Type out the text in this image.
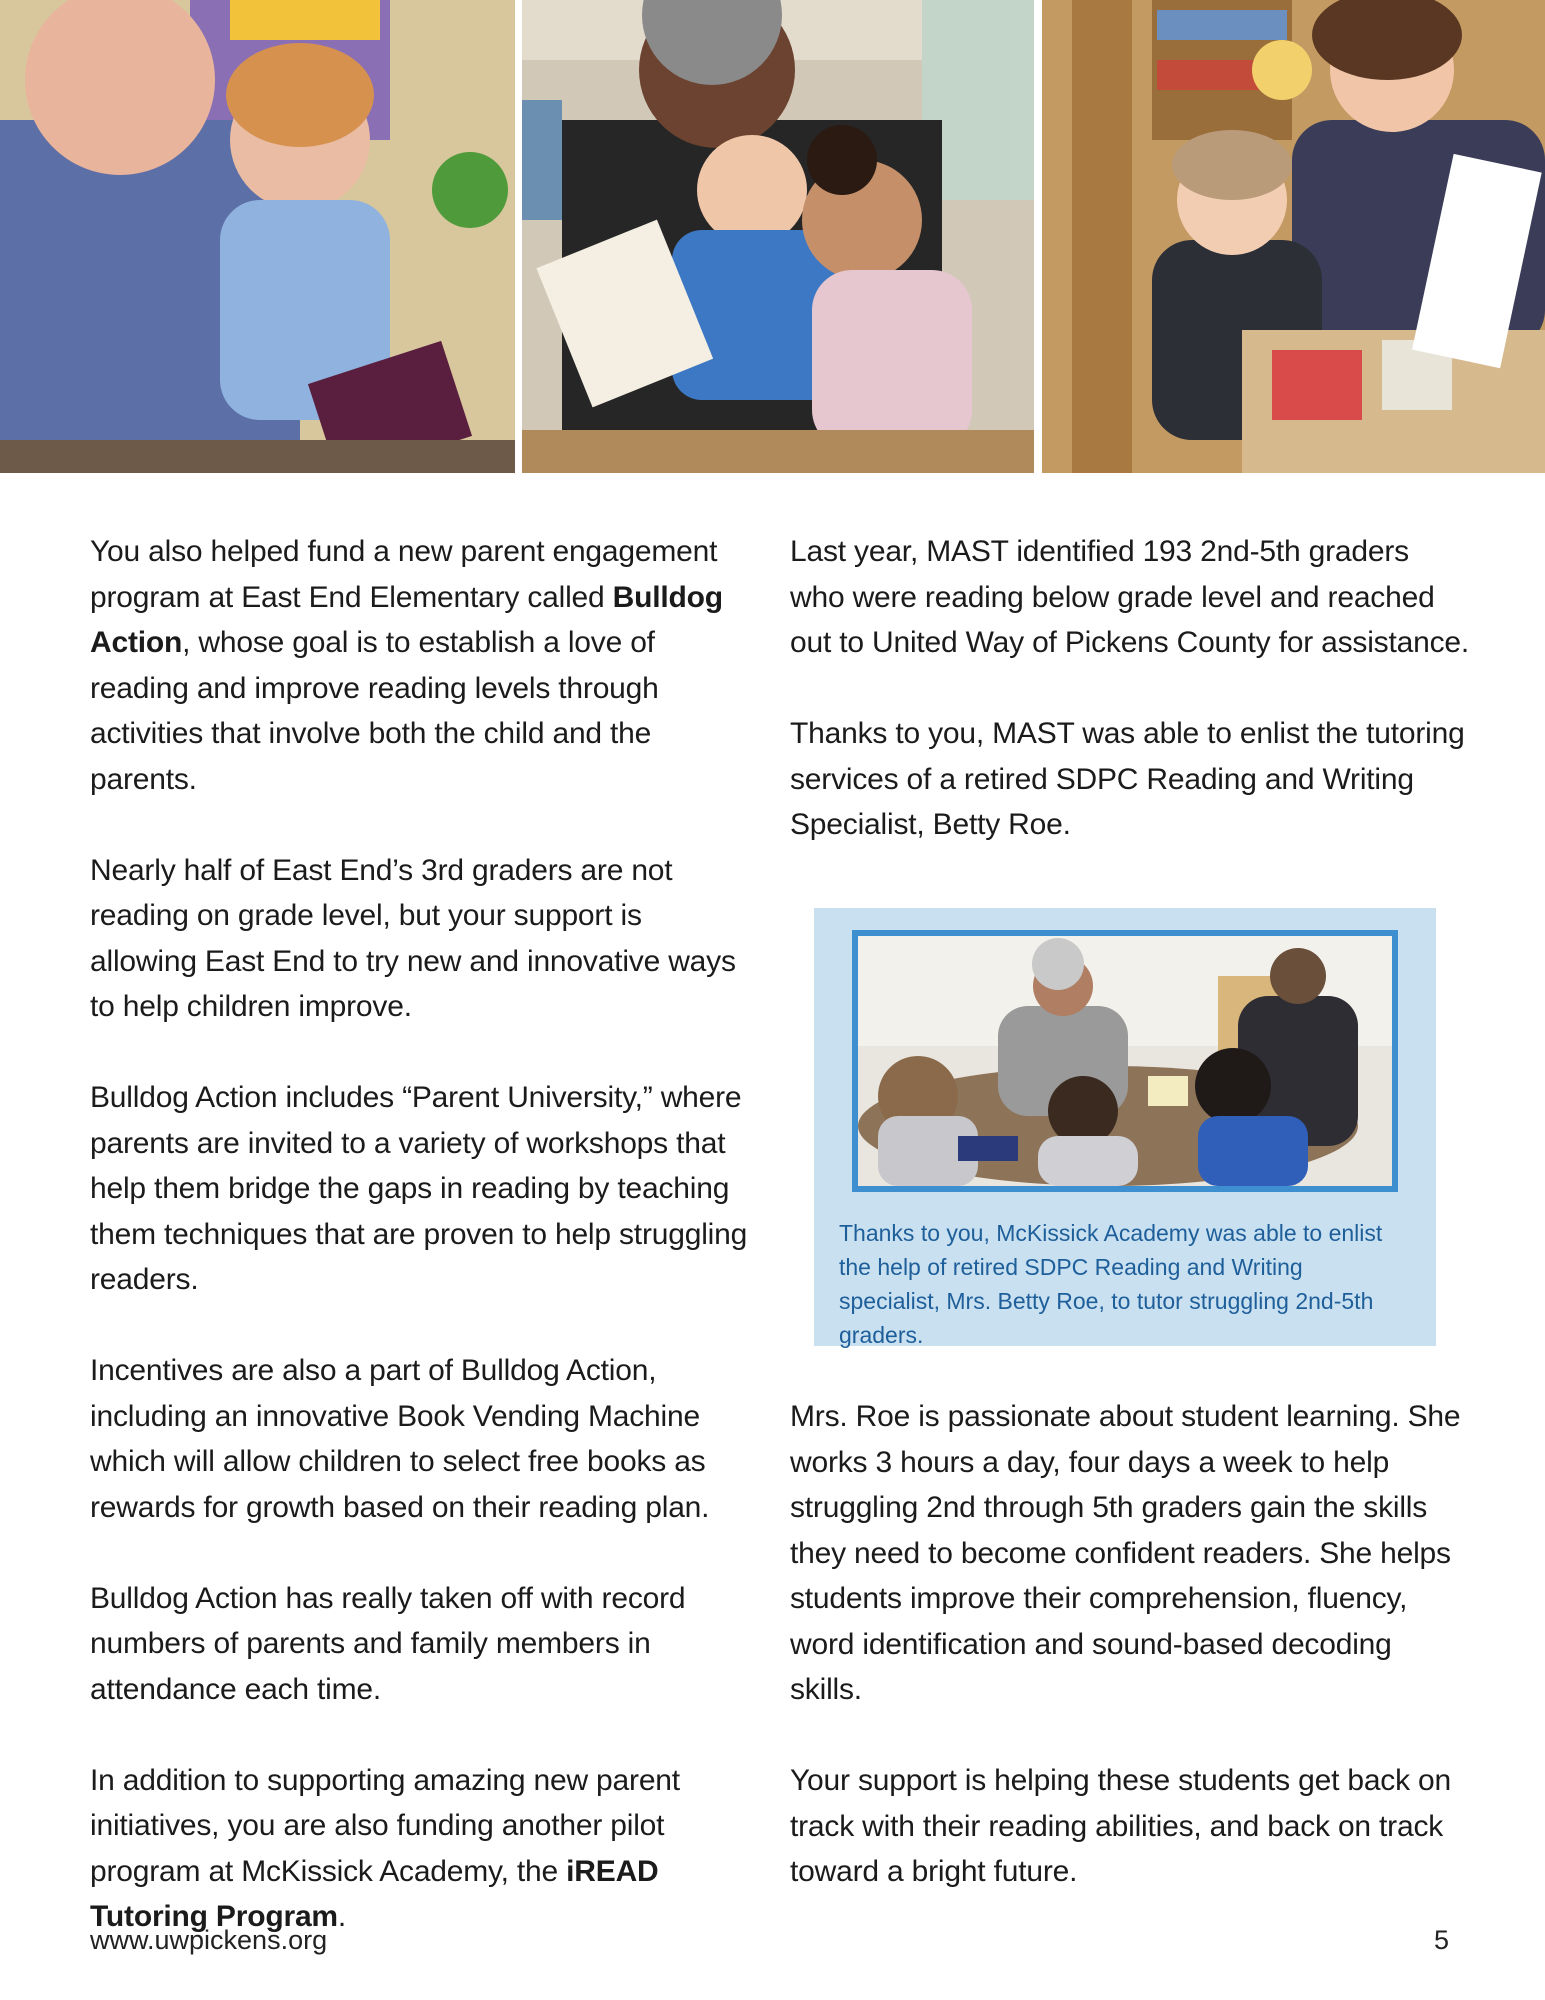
You also helped fund a new parent engagement program at East End Elementary called Bulldog Action, whose goal is to establish a love of reading and improve reading levels through activities that involve both the child and the parents.

Nearly half of East End’s 3rd graders are not reading on grade level, but your support is allowing East End to try new and innovative ways to help children improve.

Bulldog Action includes “Parent University,” where parents are invited to a variety of workshops that help them bridge the gaps in reading by teaching them techniques that are proven to help struggling readers.

Incentives are also a part of Bulldog Action, including an innovative Book Vending Machine which will allow children to select free books as rewards for growth based on their reading plan.

Bulldog Action has really taken off with record numbers of parents and family members in attendance each time.

In addition to supporting amazing new parent initiatives, you are also funding another pilot program at McKissick Academy, the iREAD Tutoring Program.

Last year, MAST identified 193 2nd-5th graders who were reading below grade level and reached out to United Way of Pickens County for assistance.

Thanks to you, MAST was able to enlist the tutoring services of a retired SDPC Reading and Writing Specialist, Betty Roe.

Thanks to you, McKissick Academy was able to enlist the help of retired SDPC Reading and Writing specialist, Mrs. Betty Roe, to tutor struggling 2nd-5th graders.

Mrs. Roe is passionate about student learning. She works 3 hours a day, four days a week to help struggling 2nd through 5th graders gain the skills they need to become confident readers. She helps students improve their comprehension, fluency, word identification and sound-based decoding skills.

Your support is helping these students get back on track with their reading abilities, and back on track toward a bright future.

www.uwpickens.org	5
